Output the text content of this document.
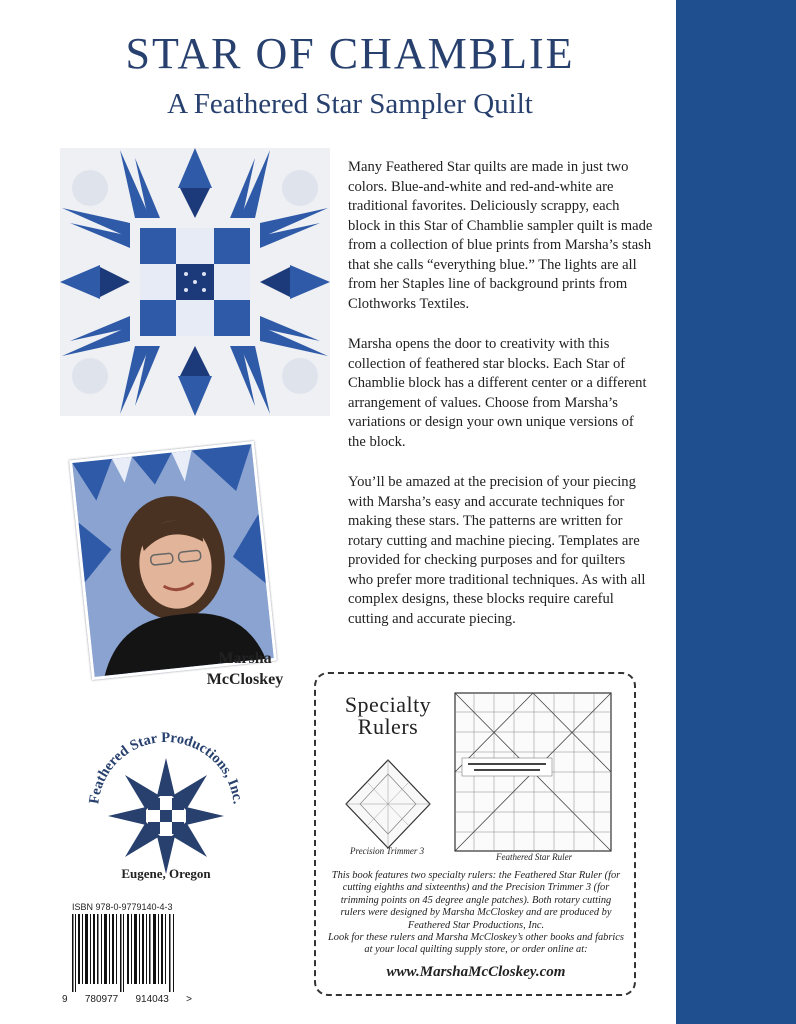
STAR OF CHAMBLIE
A Feathered Star Sampler Quilt

Many Feathered Star quilts are made in just two colors. Blue-and-white and red-and-white are traditional favorites. Deliciously scrappy, each block in this Star of Chamblie sampler quilt is made from a collection of blue prints from Marsha’s stash that she calls “everything blue.” The lights are all from her Staples line of background prints from Clothworks Textiles.

Marsha opens the door to creativity with this collection of feathered star blocks. Each Star of Chamblie block has a different center or a different arrangement of values. Choose from Marsha’s variations or design your own unique versions of the block.

You’ll be amazed at the precision of your piecing with Marsha’s easy and accurate techniques for making these stars. The patterns are written for rotary cutting and machine piecing. Templates are provided for checking purposes and for quilters who prefer more traditional techniques. As with all complex designs, these blocks require careful cutting and accurate piecing.

Marsha
McCloskey
Feathered Star Productions, Inc.
Eugene, Oregon
ISBN 978-0-9779140-4-3
9 780977 914043 >
Specialty
Rulers
Precision Trimmer 3
Feathered Star Ruler

This book features two specialty rulers: the Feathered Star Ruler (for cutting eighths and sixteenths) and the Precision Trimmer 3 (for trimming points on 45 degree angle patches). Both rotary cutting rulers were designed by Marsha McCloskey and are produced by Feathered Star Productions, Inc.
Look for these rulers and Marsha McCloskey’s other books and fabrics at your local quilting supply store, or order online at:

www.MarshaMcCloskey.com
